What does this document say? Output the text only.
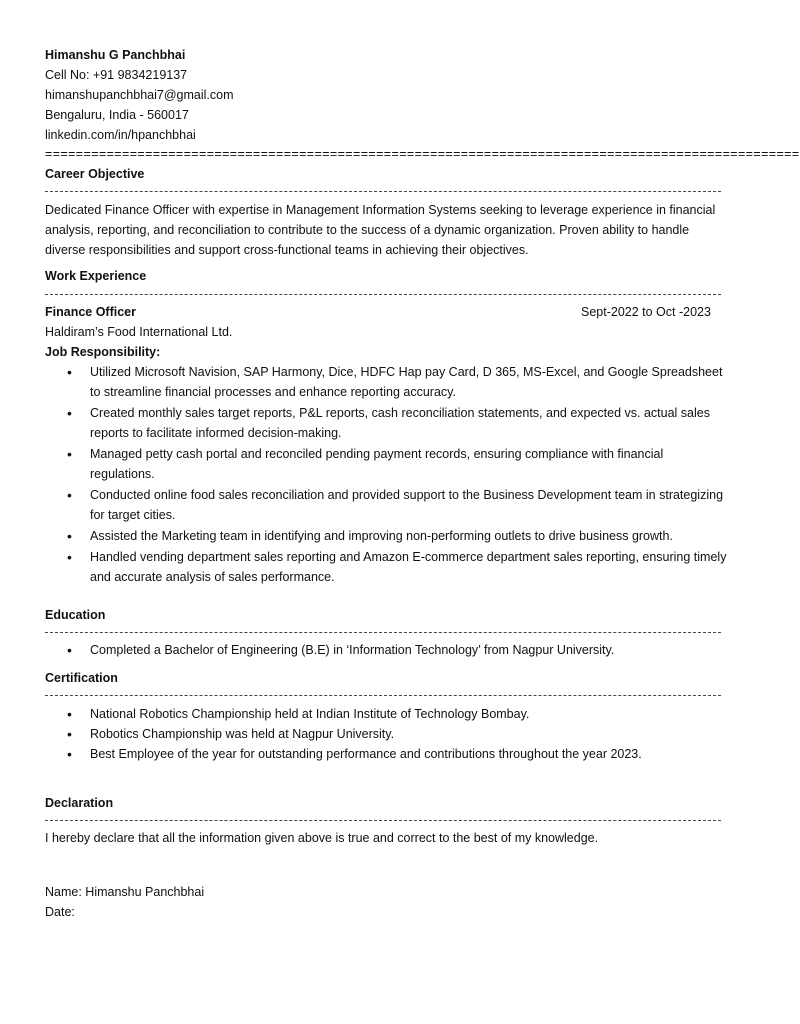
Himanshu G Panchbhai
Cell No: +91 9834219137
himanshupanchbhai7@gmail.com
Bengaluru, India - 560017
linkedin.com/in/hpanchbhai
==================================================================================================
Career Objective
Dedicated Finance Officer with expertise in Management Information Systems seeking to leverage experience in financial analysis, reporting, and reconciliation to contribute to the success of a dynamic organization. Proven ability to handle diverse responsibilities and support cross-functional teams in achieving their objectives.
Work Experience
Finance Officer	Sept-2022 to Oct -2023
Haldiram’s Food International Ltd.
Job Responsibility:
• Utilized Microsoft Navision, SAP Harmony, Dice, HDFC Hap pay Card, D 365, MS-Excel, and Google Spreadsheet to streamline financial processes and enhance reporting accuracy.
• Created monthly sales target reports, P&L reports, cash reconciliation statements, and expected vs. actual sales reports to facilitate informed decision-making.
• Managed petty cash portal and reconciled pending payment records, ensuring compliance with financial regulations.
• Conducted online food sales reconciliation and provided support to the Business Development team in strategizing for target cities.
• Assisted the Marketing team in identifying and improving non-performing outlets to drive business growth.
• Handled vending department sales reporting and Amazon E-commerce department sales reporting, ensuring timely and accurate analysis of sales performance.
Education
• Completed a Bachelor of Engineering (B.E) in ‘Information Technology’ from Nagpur University.
Certification
• National Robotics Championship held at Indian Institute of Technology Bombay.
• Robotics Championship was held at Nagpur University.
• Best Employee of the year for outstanding performance and contributions throughout the year 2023.
Declaration
I hereby declare that all the information given above is true and correct to the best of my knowledge.
Name: Himanshu Panchbhai
Date:
